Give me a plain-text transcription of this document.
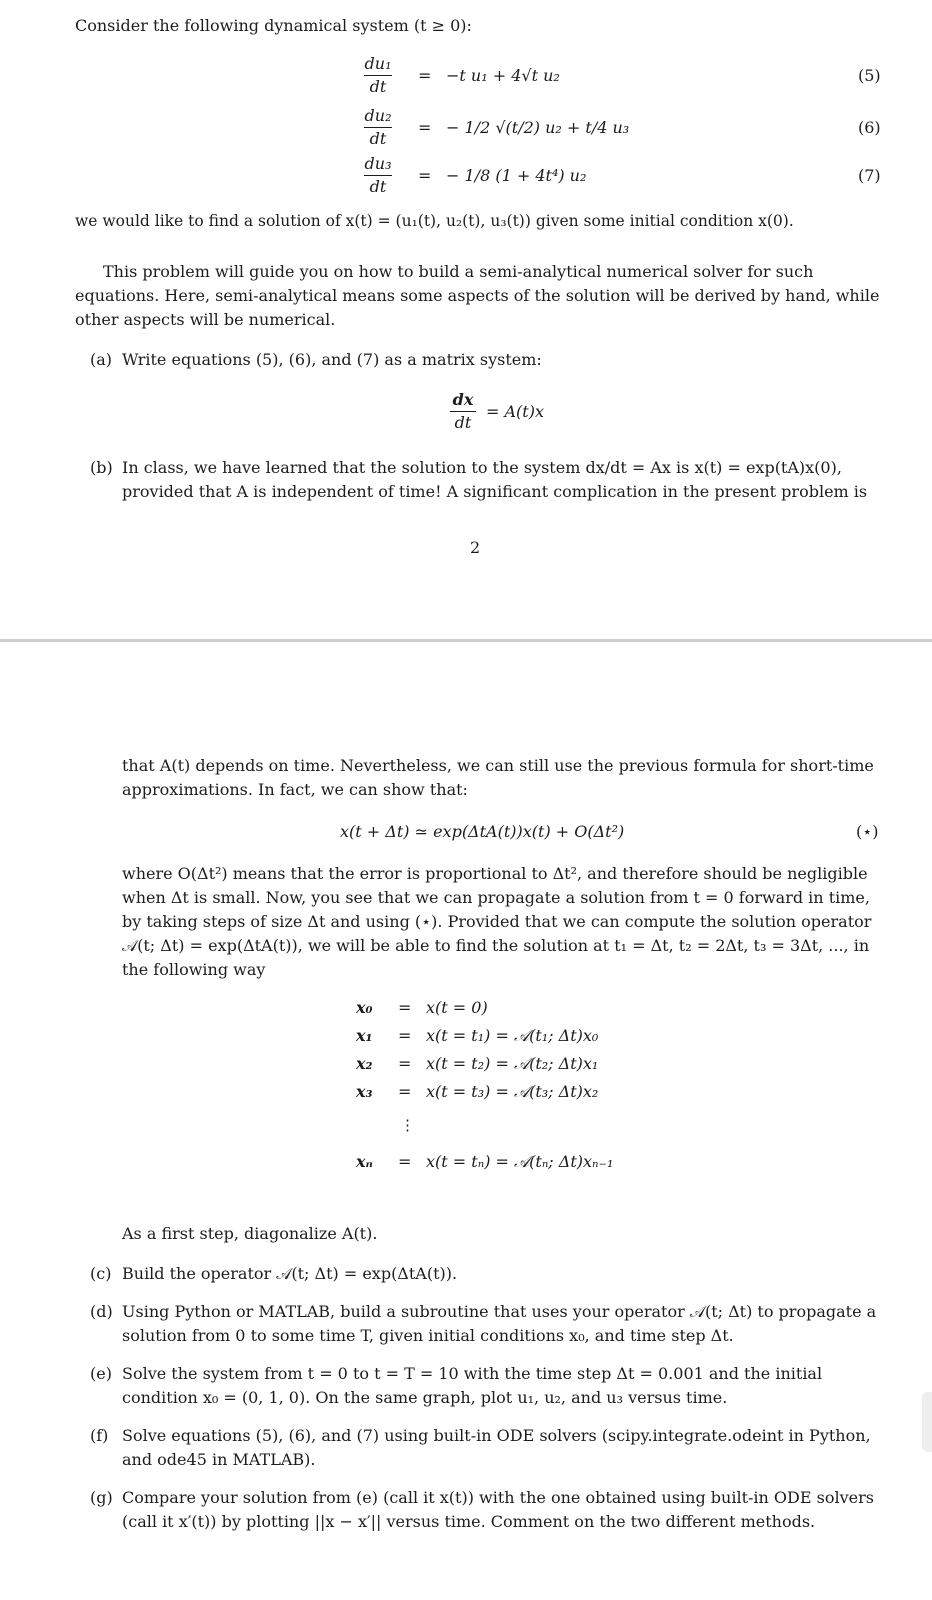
Consider the following dynamical system (t ≥ 0):
du₁
dt
= −t u₁ + 4√t u₂	(5)
du₂
dt
= − 1/2 √(t/2) u₂ + t/4 u₃	(6)
du₃
dt
= − 1/8 (1 + 4t⁴) u₂	(7)
we would like to find a solution of x(t) = (u₁(t), u₂(t), u₃(t)) given some initial condition x(0).
This problem will guide you on how to build a semi-analytical numerical solver for such equations. Here, semi-analytical means some aspects of the solution will be derived by hand, while other aspects will be numerical.
(a) Write equations (5), (6), and (7) as a matrix system:
dx
dt
= A(t)x
(b) In class, we have learned that the solution to the system dx/dt = Ax is x(t) = exp(tA)x(0), provided that A is independent of time! A significant complication in the present problem is
2
that A(t) depends on time. Nevertheless, we can still use the previous formula for short-time approximations. In fact, we can show that:
x(t + Δt) ≃ exp(ΔtA(t))x(t) + O(Δt²)	(⋆)
where O(Δt²) means that the error is proportional to Δt², and therefore should be negligible when Δt is small. Now, you see that we can propagate a solution from t = 0 forward in time, by taking steps of size Δt and using (⋆). Provided that we can compute the solution operator 𝒜(t; Δt) = exp(ΔtA(t)), we will be able to find the solution at t₁ = Δt, t₂ = 2Δt, t₃ = 3Δt, ..., in the following way
x₀ = x(t = 0)
x₁ = x(t = t₁) = 𝒜(t₁; Δt)x₀
x₂ = x(t = t₂) = 𝒜(t₂; Δt)x₁
x₃ = x(t = t₃) = 𝒜(t₃; Δt)x₂
⋮
xₙ = x(t = tₙ) = 𝒜(tₙ; Δt)xₙ₋₁
As a first step, diagonalize A(t).
(c) Build the operator 𝒜(t; Δt) = exp(ΔtA(t)).
(d) Using Python or MATLAB, build a subroutine that uses your operator 𝒜(t; Δt) to propagate a solution from 0 to some time T, given initial conditions x₀, and time step Δt.
(e) Solve the system from t = 0 to t = T = 10 with the time step Δt = 0.001 and the initial condition x₀ = (0, 1, 0). On the same graph, plot u₁, u₂, and u₃ versus time.
(f) Solve equations (5), (6), and (7) using built-in ODE solvers (scipy.integrate.odeint in Python, and ode45 in MATLAB).
(g) Compare your solution from (e) (call it x(t)) with the one obtained using built-in ODE solvers (call it x′(t)) by plotting ||x − x′|| versus time. Comment on the two different methods.
